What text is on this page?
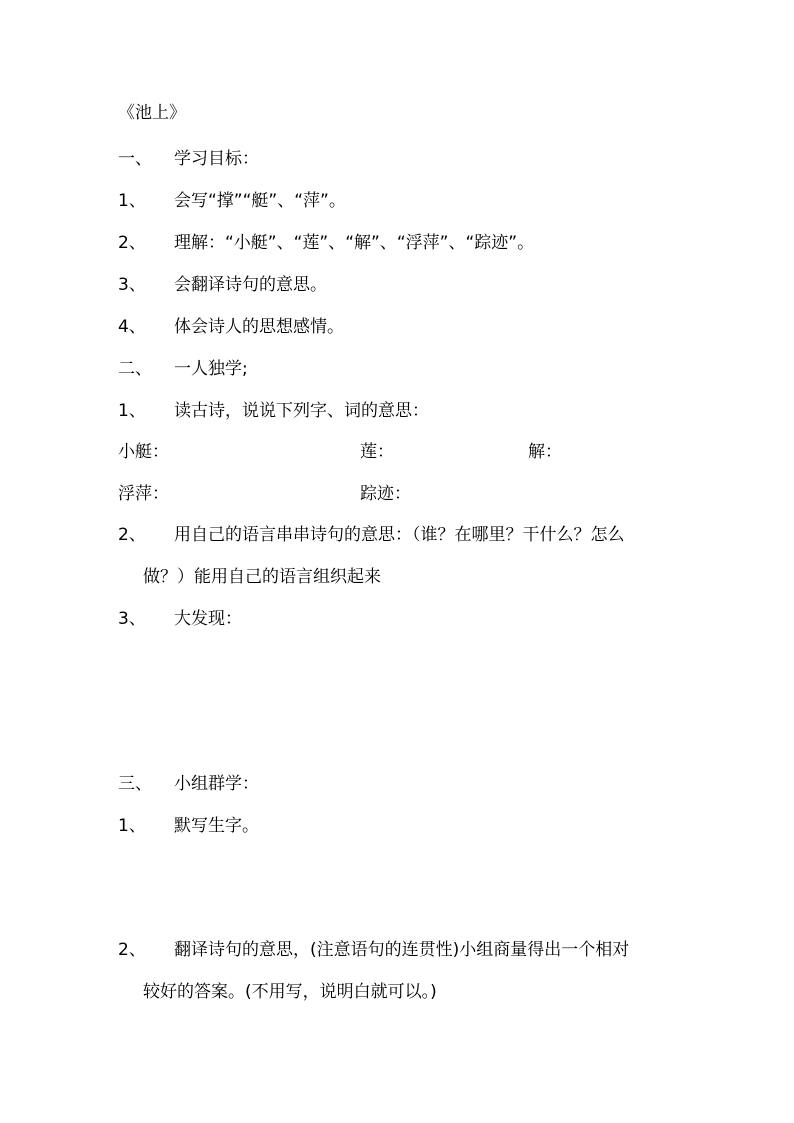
《池上》
一、 学习目标：
1、 会写“撑”“艇”、“萍”。
2、 理解：“小艇”、“莲”、“解”、“浮萍”、“踪迹”。
3、 会翻译诗句的意思。
4、 体会诗人的思想感情。
二、 一人独学;
1、 读古诗，说说下列字、词的意思：
小艇：	莲：	解：
浮萍：	踪迹：
2、 用自己的语言串串诗句的意思：（谁？在哪里？干什么？怎么
做？）能用自己的语言组织起来
3、 大发现：
三、 小组群学：
1、 默写生字。
2、 翻译诗句的意思，(注意语句的连贯性)小组商量得出一个相对
较好的答案。(不用写，说明白就可以。)
